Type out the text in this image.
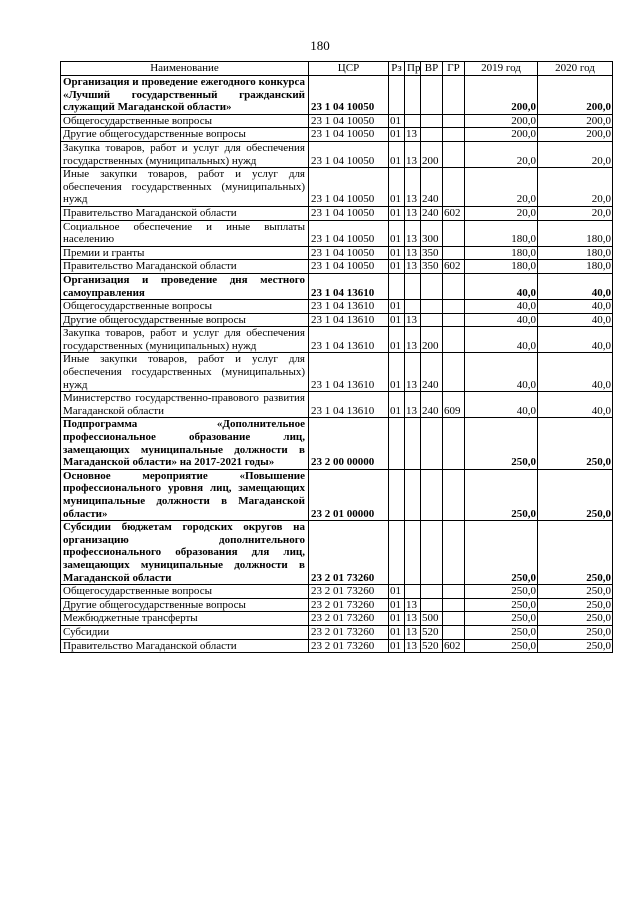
180
Наименование	ЦСР	Рз	Пр	ВР	ГР	2019 год	2020 год
Организация и проведение ежегодного конкурса «Лучший государственный гражданский служащий Магаданской области»	23 1 04 10050					200,0	200,0
Общегосударственные вопросы	23 1 04 10050	01				200,0	200,0
Другие общегосударственные вопросы	23 1 04 10050	01	13			200,0	200,0
Закупка товаров, работ и услуг для обеспечения государственных (муниципальных) нужд	23 1 04 10050	01	13	200		20,0	20,0
Иные закупки товаров, работ и услуг для обеспечения государственных (муниципальных) нужд	23 1 04 10050	01	13	240		20,0	20,0
Правительство Магаданской области	23 1 04 10050	01	13	240	602	20,0	20,0
Социальное обеспечение и иные выплаты населению	23 1 04 10050	01	13	300		180,0	180,0
Премии и гранты	23 1 04 10050	01	13	350		180,0	180,0
Правительство Магаданской области	23 1 04 10050	01	13	350	602	180,0	180,0
Организация и проведение дня местного самоуправления	23 1 04 13610					40,0	40,0
Общегосударственные вопросы	23 1 04 13610	01				40,0	40,0
Другие общегосударственные вопросы	23 1 04 13610	01	13			40,0	40,0
Закупка товаров, работ и услуг для обеспечения государственных (муниципальных) нужд	23 1 04 13610	01	13	200		40,0	40,0
Иные закупки товаров, работ и услуг для обеспечения государственных (муниципальных) нужд	23 1 04 13610	01	13	240		40,0	40,0
Министерство государственно-правового развития Магаданской области	23 1 04 13610	01	13	240	609	40,0	40,0
Подпрограмма «Дополнительное профессиональное образование лиц, замещающих муниципальные должности в Магаданской области» на 2017-2021 годы»	23 2 00 00000					250,0	250,0
Основное мероприятие «Повышение профессионального уровня лиц, замещающих муниципальные должности в Магаданской области»	23 2 01 00000					250,0	250,0
Субсидии бюджетам городских округов на организацию дополнительного профессионального образования для лиц, замещающих муниципальные должности в Магаданской области	23 2 01 73260					250,0	250,0
Общегосударственные вопросы	23 2 01 73260	01				250,0	250,0
Другие общегосударственные вопросы	23 2 01 73260	01	13			250,0	250,0
Межбюджетные трансферты	23 2 01 73260	01	13	500		250,0	250,0
Субсидии	23 2 01 73260	01	13	520		250,0	250,0
Правительство Магаданской области	23 2 01 73260	01	13	520	602	250,0	250,0
